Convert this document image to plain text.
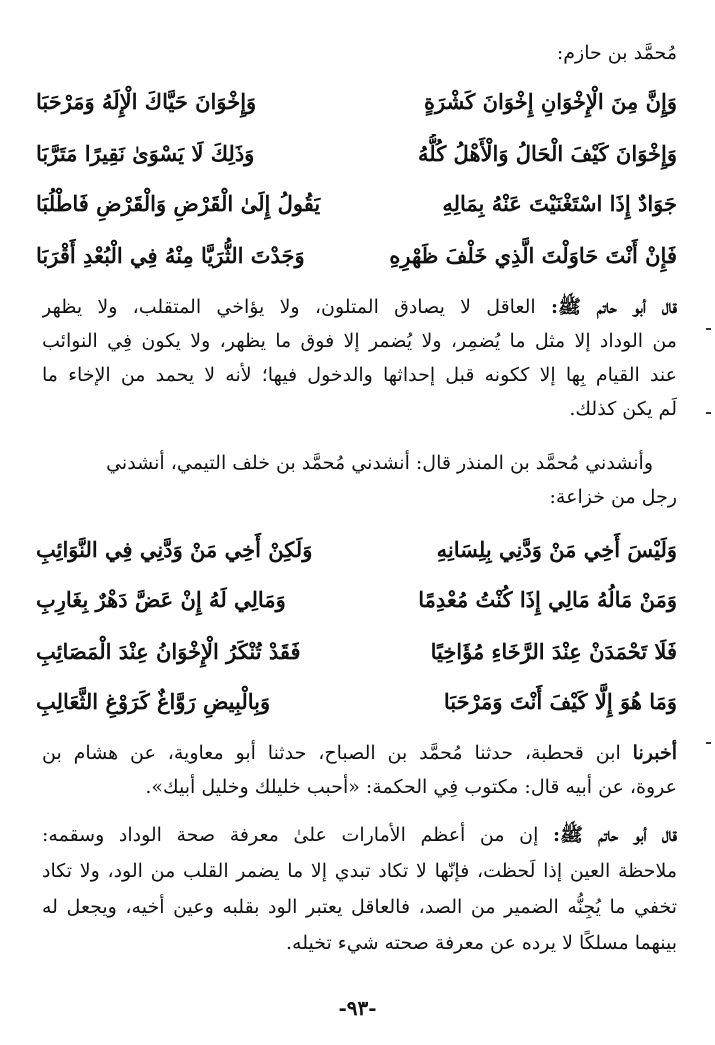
مُحمَّد بن حازم:
وَإِنَّ مِنَ الْإِخْوَانِ إِخْوَانَ كَشْرَةٍ
وَإِخْوَانَ حَيَّاكَ الْإِلَهُ وَمَرْحَبَا
وَإِخْوَانَ كَيْفَ الْحَالُ وَالْأَهْلُ كُلُّهُ
وَذَلِكَ لَا يَسْوَىٰ نَقِيرًا مَتَرَّبَا
جَوَادٌ إِذَا اسْتَغْنَيْتَ عَنْهُ بِمَالِهِ
يَقُولُ إِلَىٰ الْقَرْضِ وَالْقَرْضِ فَاطْلُبَا
فَإِنْ أَنْتَ حَاوَلْتَ الَّذِي خَلْفَ ظَهْرِهِ
وَجَدْتَ الثُّرَيَّا مِنْهُ فِي الْبُعْدِ أَقْرَبَا
قال أبو حاتم ﷺ: العاقل لا يصادق المتلون، ولا يؤاخي المتقلب، ولا يظهر
من الوداد إلا مثل ما يُضمِر، ولا يُضمر إلا فوق ما يظهر، ولا يكون فِي النوائب
عند القيام بِها إلا ككونه قبل إحداثها والدخول فيها؛ لأنه لا يحمد من الإخاء ما
لَم يكن كذلك.
وأنشدني مُحمَّد بن المنذر قال: أنشدني مُحمَّد بن خلف التيمي، أنشدني
رجل من خزاعة:
وَلَيْسَ أَخِي مَنْ وَدَّنِي بِلِسَانِهِ
وَلَكِنْ أَخِي مَنْ وَدَّنِي فِي النَّوَائِبِ
وَمَنْ مَالُهُ مَالِي إِذَا كُنْتُ مُعْدِمًا
وَمَالِي لَهُ إِنْ عَضَّ دَهْرٌ بِغَارِبِ
فَلَا تَحْمَدَنْ عِنْدَ الرَّخَاءِ مُؤَاخِيًا
فَقَدْ تُنْكَرُ الْإِخْوَانُ عِنْدَ الْمَصَائِبِ
وَمَا هُوَ إِلَّا كَيْفَ أَنْتَ وَمَرْحَبَا
وَبِالْبِيضِ رَوَّاغٌ كَرَوْغِ الثَّعَالِبِ
أخبرنا ابن قحطبة، حدثنا مُحمَّد بن الصباح، حدثنا أبو معاوية، عن هشام بن
عروة، عن أبيه قال: مكتوب فِي الحكمة: «أحبب خليلك وخليل أبيك».
قال أبو حاتم ﷺ: إن من أعظم الأمارات علىٰ معرفة صحة الوداد وسقمه:
ملاحظة العين إذا لَحظت، فإنّها لا تكاد تبدي إلا ما يضمر القلب من الود، ولا تكاد
تخفي ما يُجِنُّه الضمير من الصد، فالعاقل يعتبر الود بقلبه وعين أخيه، ويجعل له
بينهما مسلكًا لا يرده عن معرفة صحته شيء تخيله.
-٩٣-
